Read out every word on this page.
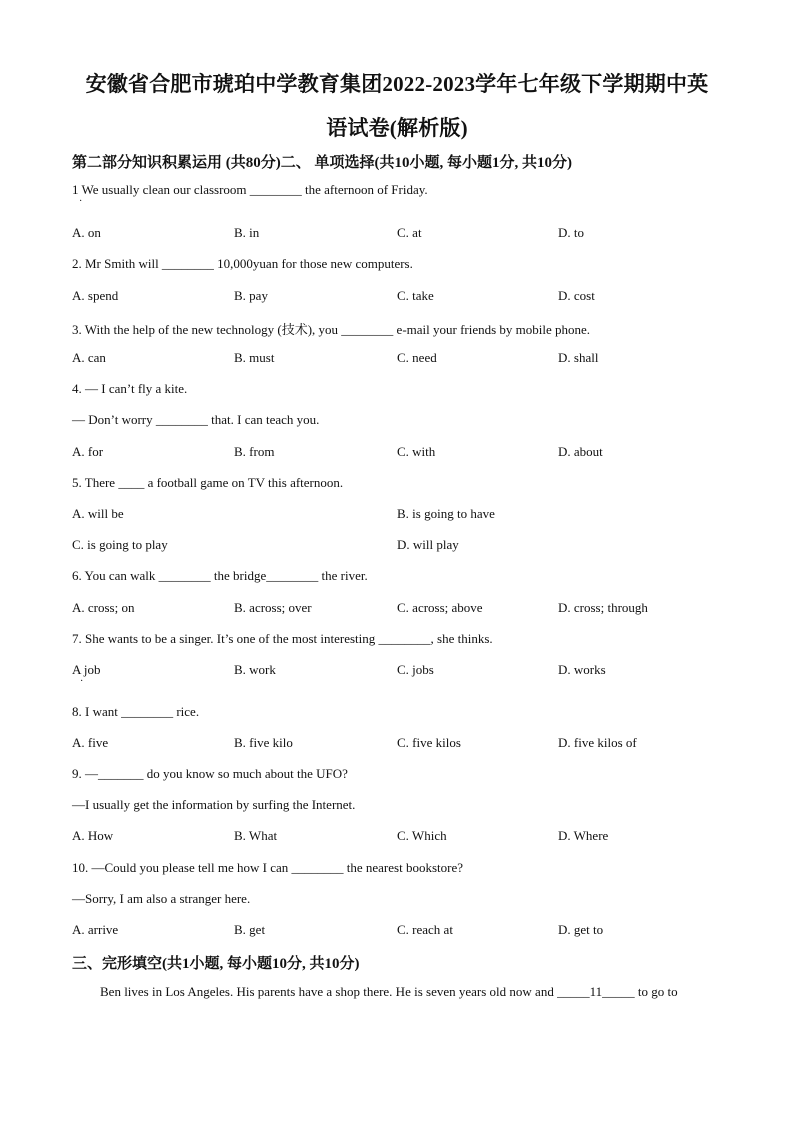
安徽省合肥市琥珀中学教育集团2022-2023学年七年级下学期期中英
语试卷(解析版)
第二部分知识积累运用 (共80分)二、 单项选择(共10小题, 每小题1分, 共10分)
1 We usually clean our classroom ________ the afternoon of Friday.
·
A. on	B. in	C. at	D. to
2. Mr Smith will ________ 10,000yuan for those new computers.
A. spend	B. pay	C. take	D. cost
3. With the help of the new technology (技术), you ________ e-mail your friends by mobile phone.
A. can	B. must	C. need	D. shall
4. — I can’t fly a kite.
— Don’t worry ________ that. I can teach you.
A. for	B. from	C. with	D. about
5. There ____ a football game on TV this afternoon.
A. will be	B. is going to have
C. is going to play	D. will play
6. You can walk ________ the bridge________ the river.
A. cross; on	B. across; over	C. across; above	D. cross; through
7. She wants to be a singer. It’s one of the most interesting ________, she thinks.
A job
·
B. work	C. jobs	D. works
8. I want ________ rice.
A. five	B. five kilo	C. five kilos	D. five kilos of
9. —_______ do you know so much about the UFO?
—I usually get the information by surfing the Internet.
A. How	B. What	C. Which	D. Where
10. —Could you please tell me how I can ________ the nearest bookstore?
—Sorry, I am also a stranger here.
A. arrive	B. get	C. reach at	D. get to
三、完形填空(共1小题, 每小题10分, 共10分)
Ben lives in Los Angeles. His parents have a shop there. He is seven years old now and _____11_____ to go to
